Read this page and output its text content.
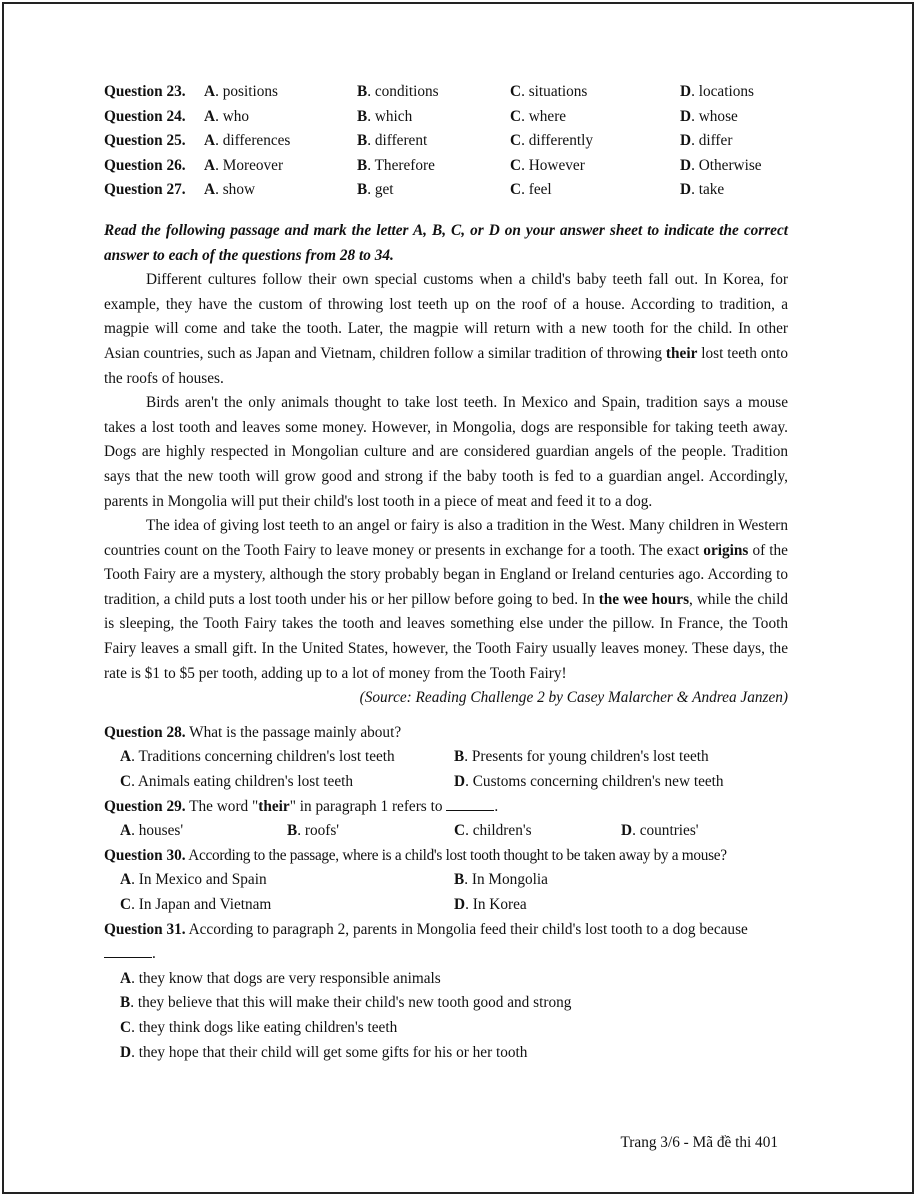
Question 23.	A. positions	B. conditions	C. situations	D. locations
Question 24.	A. who	B. which	C. where	D. whose
Question 25.	A. differences	B. different	C. differently	D. differ
Question 26.	A. Moreover	B. Therefore	C. However	D. Otherwise
Question 27.	A. show	B. get	C. feel	D. take
Read the following passage and mark the letter A, B, C, or D on your answer sheet to indicate the correct answer to each of the questions from 28 to 34.

Different cultures follow their own special customs when a child's baby teeth fall out. In Korea, for example, they have the custom of throwing lost teeth up on the roof of a house. According to tradition, a magpie will come and take the tooth. Later, the magpie will return with a new tooth for the child. In other Asian countries, such as Japan and Vietnam, children follow a similar tradition of throwing their lost teeth onto the roofs of houses.

Birds aren't the only animals thought to take lost teeth. In Mexico and Spain, tradition says a mouse takes a lost tooth and leaves some money. However, in Mongolia, dogs are responsible for taking teeth away. Dogs are highly respected in Mongolian culture and are considered guardian angels of the people. Tradition says that the new tooth will grow good and strong if the baby tooth is fed to a guardian angel. Accordingly, parents in Mongolia will put their child's lost tooth in a piece of meat and feed it to a dog.

The idea of giving lost teeth to an angel or fairy is also a tradition in the West. Many children in Western countries count on the Tooth Fairy to leave money or presents in exchange for a tooth. The exact origins of the Tooth Fairy are a mystery, although the story probably began in England or Ireland centuries ago. According to tradition, a child puts a lost tooth under his or her pillow before going to bed. In the wee hours, while the child is sleeping, the Tooth Fairy takes the tooth and leaves something else under the pillow. In France, the Tooth Fairy leaves a small gift. In the United States, however, the Tooth Fairy usually leaves money. These days, the rate is $1 to $5 per tooth, adding up to a lot of money from the Tooth Fairy!

(Source: Reading Challenge 2 by Casey Malarcher & Andrea Janzen)
Question 28. What is the passage mainly about?
A. Traditions concerning children's lost teeth	B. Presents for young children's lost teeth
C. Animals eating children's lost teeth	D. Customs concerning children's new teeth
Question 29. The word "their" in paragraph 1 refers to	.
A. houses'	B. roofs'	C. children's	D. countries'
Question 30. According to the passage, where is a child's lost tooth thought to be taken away by a mouse?
A. In Mexico and Spain	B. In Mongolia
C. In Japan and Vietnam	D. In Korea
Question 31. According to paragraph 2, parents in Mongolia feed their child's lost tooth to a dog because .
A. they know that dogs are very responsible animals
B. they believe that this will make their child's new tooth good and strong
C. they think dogs like eating children's teeth
D. they hope that their child will get some gifts for his or her tooth
Trang 3/6 - Mã đề thi 401
